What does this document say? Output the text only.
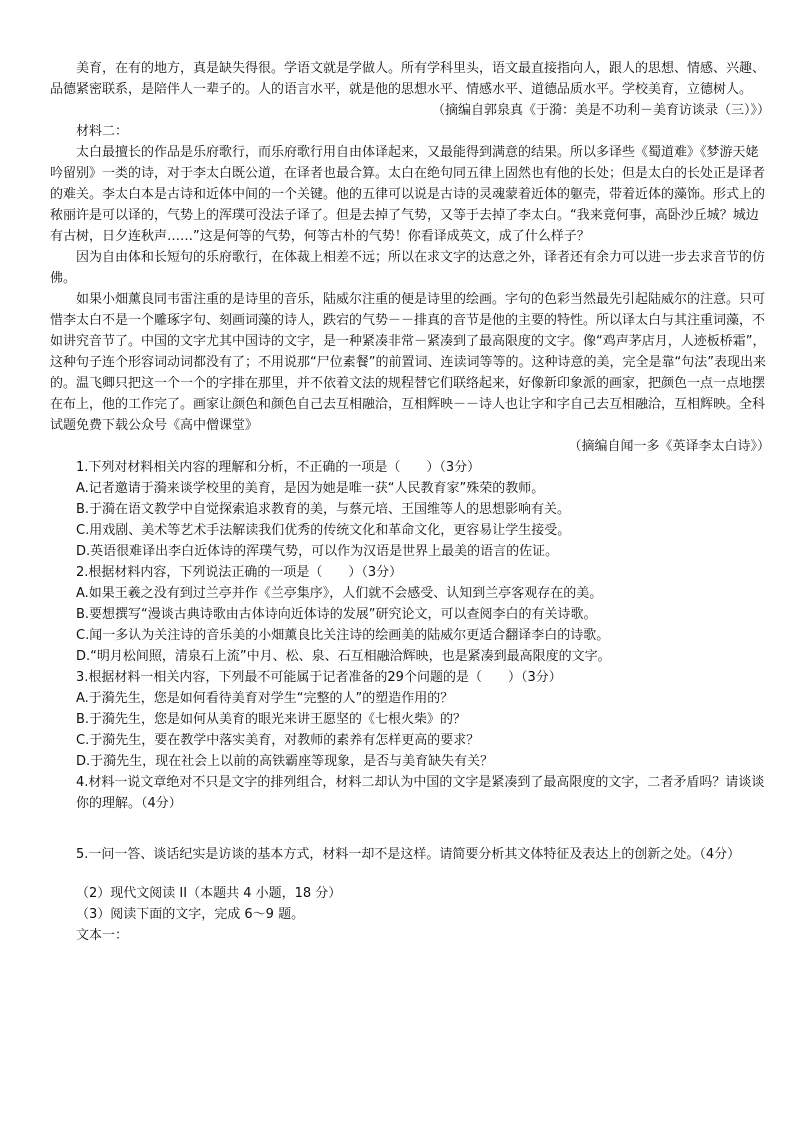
美育，在有的地方，真是缺失得很。学语文就是学做人。所有学科里头，语文最直接指向人，跟人的思想、情感、兴趣、品德紧密联系，是陪伴人一辈子的。人的语言水平，就是他的思想水平、情感水平、道德品质水平。学校美育，立德树人。

（摘编自郭泉真《于漪：美是不功利－美育访谈录（三）》）

材料二：

太白最擅长的作品是乐府歌行，而乐府歌行用自由体译起来，又最能得到满意的结果。所以多译些《蜀道难》《梦游天姥吟留别》一类的诗，对于李太白既公道，在译者也最合算。太白在绝句同五律上固然也有他的长处；但是太白的长处正是译者的难关。李太白本是古诗和近体中间的一个关键。他的五律可以说是古诗的灵魂蒙着近体的躯壳，带着近体的藻饰。形式上的秾丽许是可以译的，气势上的浑璞可没法子译了。但是去掉了气势，又等于去掉了李太白。“我来竟何事，高卧沙丘城？城边有古树，日夕连秋声……”这是何等的气势，何等古朴的气势！你看译成英文，成了什么样子？

因为自由体和长短句的乐府歌行，在体裁上相差不远；所以在求文字的达意之外，译者还有余力可以进一步去求音节的仿佛。

如果小畑薰良同韦雷注重的是诗里的音乐，陆威尔注重的便是诗里的绘画。字句的色彩当然最先引起陆威尔的注意。只可惜李太白不是一个雕琢字句、刻画词藻的诗人，跌宕的气势－－排真的音节是他的主要的特性。所以译太白与其注重词藻，不如讲究音节了。中国的文字尤其中国诗的文字，是一种紧凑非常－紧凑到了最高限度的文字。像“鸡声茅店月，人迹板桥霜”，这种句子连个形容词动词都没有了；不用说那“尸位素餐”的前置词、连读词等等的。这种诗意的美，完全是靠“句法”表现出来的。温飞卿只把这一个一个的字排在那里，并不依着文法的规程替它们联络起来，好像新印象派的画家，把颜色一点一点地摆在布上，他的工作完了。画家让颜色和颜色自己去互相融洽，互相辉映－－诗人也让字和字自己去互相融洽，互相辉映。全科试题免费下载公众号《高中僧课堂》

（摘编自闻一多《英译李太白诗》）

1.下列对材料相关内容的理解和分析，不正确的一项是（　　）（3分）

A.记者邀请于漪来谈学校里的美育，是因为她是唯一获“人民教育家”殊荣的教师。

B.于漪在语文教学中自觉探索追求教育的美，与蔡元培、王国维等人的思想影响有关。

C.用戏剧、美术等艺术手法解读我们优秀的传统文化和革命文化，更容易让学生接受。

D.英语很难译出李白近体诗的浑璞气势，可以作为汉语是世界上最美的语言的佐证。

2.根据材料内容，下列说法正确的一项是（　　）（3分）

A.如果王羲之没有到过兰亭并作《兰亭集序》，人们就不会感受、认知到兰亭客观存在的美。

B.要想撰写“漫谈古典诗歌由古体诗向近体诗的发展”研究论文，可以查阅李白的有关诗歌。

C.闻一多认为关注诗的音乐美的小畑薰良比关注诗的绘画美的陆威尔更适合翻译李白的诗歌。

D.“明月松间照，清泉石上流”中月、松、泉、石互相融洽辉映，也是紧凑到最高限度的文字。

3.根据材料一相关内容，下列最不可能属于记者准备的29个问题的是（　　）（3分）

A.于漪先生，您是如何看待美育对学生“完整的人”的塑造作用的？

B.于漪先生，您是如何从美育的眼光来讲王愿坚的《七根火柴》的？

C.于漪先生，要在教学中落实美育，对教师的素养有怎样更高的要求？

D.于漪先生，现在社会上以前的高铁霸座等现象，是否与美育缺失有关？

4.材料一说文章绝对不只是文字的排列组合，材料二却认为中国的文字是紧凑到了最高限度的文字，二者矛盾吗？请谈谈你的理解。（4分）

5.一问一答、谈话纪实是访谈的基本方式，材料一却不是这样。请简要分析其文体特征及表达上的创新之处。（4分）

（2）现代文阅读 II（本题共 4 小题，18 分）

（3）阅读下面的文字，完成 6～9 题。

文本一：
